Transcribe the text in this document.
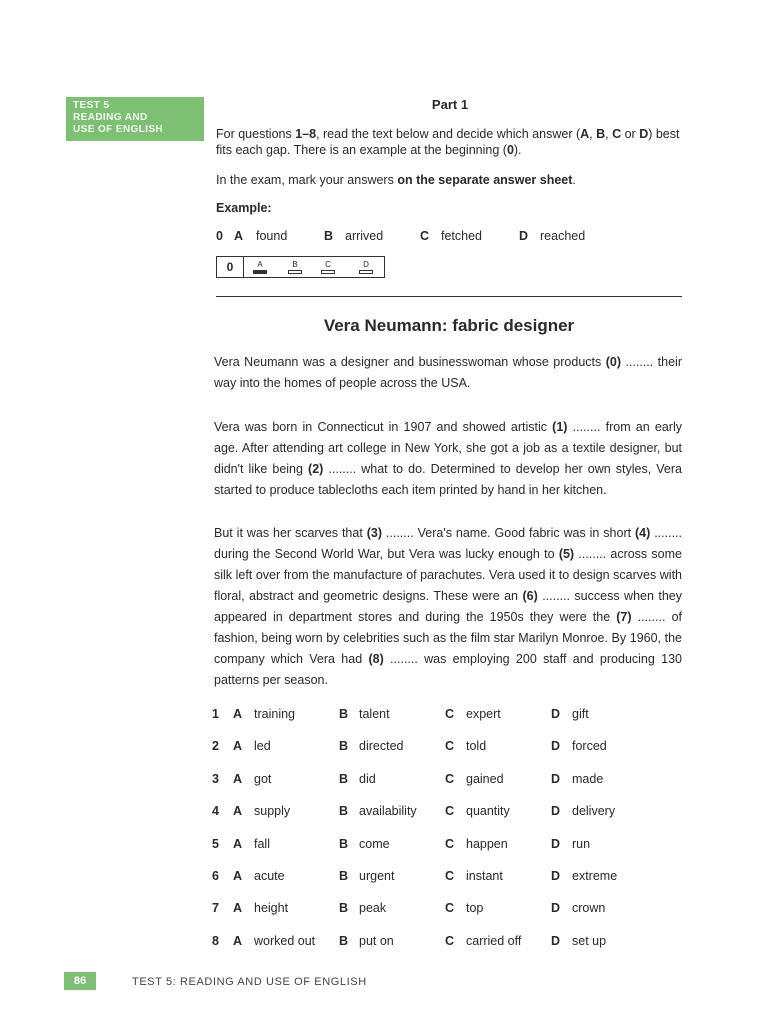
TEST 5
READING AND
USE OF ENGLISH
Part 1
For questions 1–8, read the text below and decide which answer (A, B, C or D) best fits each gap. There is an example at the beginning (0).
In the exam, mark your answers on the separate answer sheet.
Example:
0 A found	B arrived	C fetched	D reached
0	A	B	C	D
Vera Neumann: fabric designer
Vera Neumann was a designer and businesswoman whose products (0) ........ their way into the homes of people across the USA.
Vera was born in Connecticut in 1907 and showed artistic (1) ........ from an early age. After attending art college in New York, she got a job as a textile designer, but didn't like being (2) ........ what to do. Determined to develop her own styles, Vera started to produce tablecloths each item printed by hand in her kitchen.
But it was her scarves that (3) ........ Vera's name. Good fabric was in short (4) ........ during the Second World War, but Vera was lucky enough to (5) ........ across some silk left over from the manufacture of parachutes. Vera used it to design scarves with floral, abstract and geometric designs. These were an (6) ........ success when they appeared in department stores and during the 1950s they were the (7) ........ of fashion, being worn by celebrities such as the film star Marilyn Monroe. By 1960, the company which Vera had (8) ........ was employing 200 staff and producing 130 patterns per season.
1 A training	B talent	C expert	D gift
2 A led	B directed	C told	D forced
3 A got	B did	C gained	D made
4 A supply	B availability C quantity	D delivery
5 A fall	B come	C happen	D run
6 A acute	B urgent	C instant	D extreme
7 A height	B peak	C top	D crown
8 A worked out B put on	C carried off D set up
86	TEST 5: READING AND USE OF ENGLISH
